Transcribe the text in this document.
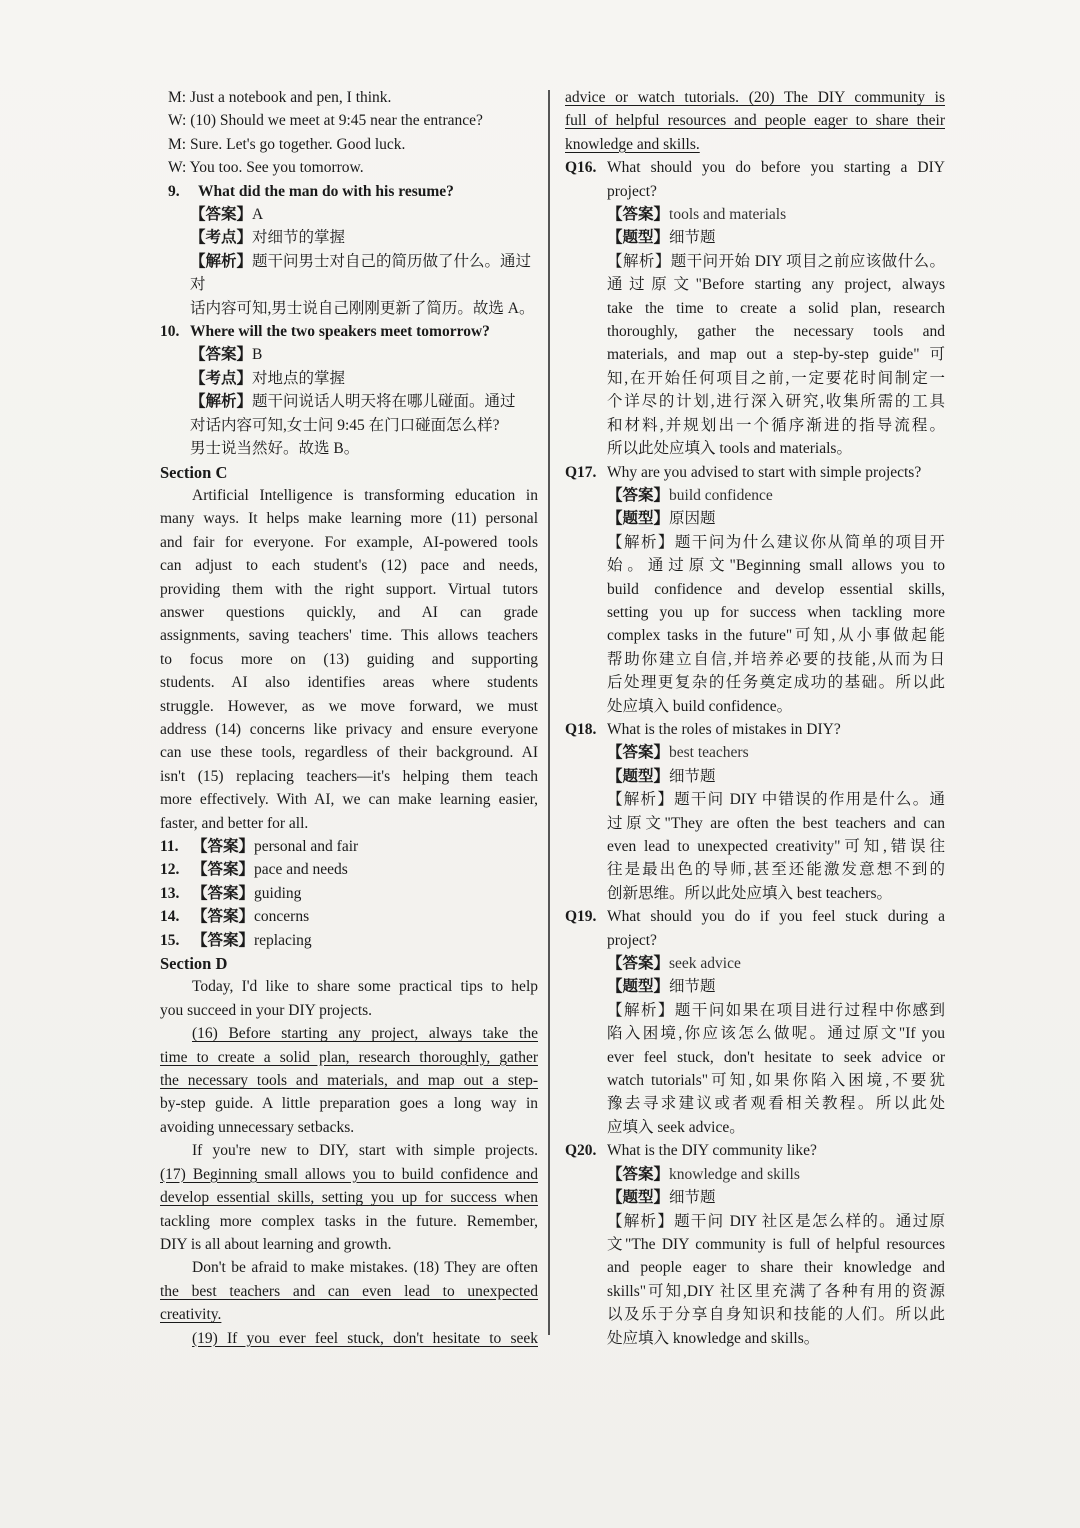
M: Just a notebook and pen, I think.

W: (10) Should we meet at 9:45 near the entrance?

M: Sure. Let's go together. Good luck.

W: You too. See you tomorrow.

9.	What did the man do with his resume?

【答案】A

【考点】对细节的掌握

【解析】题干问男士对自己的简历做了什么。通过对

话内容可知,男士说自己刚刚更新了简历。故选 A。

10. Where will the two speakers meet tomorrow?

【答案】B

【考点】对地点的掌握

【解析】题干问说话人明天将在哪儿碰面。通过

对话内容可知,女士问 9:45 在门口碰面怎么样?

男士说当然好。故选 B。

Section C

Artificial Intelligence is transforming education in

many ways. It helps make learning more (11) personal

and fair for everyone. For example, AI-powered tools

can adjust to each student's (12) pace and needs,

providing them with the right support. Virtual tutors

answer questions quickly, and AI can grade

assignments, saving teachers' time. This allows teachers

to focus more on (13) guiding and supporting

students. AI also identifies areas where students

struggle. However, as we move forward, we must

address (14) concerns like privacy and ensure everyone

can use these tools, regardless of their background. AI

isn't (15) replacing teachers—it's helping them teach

more effectively. With AI, we can make learning easier,

faster, and better for all.

11. 【答案】 personal and fair
12. 【答案】 pace and needs
13. 【答案】 guiding
14. 【答案】 concerns
15. 【答案】 replacing

Section D

Today, I'd like to share some practical tips to help

you succeed in your DIY projects.

(16) Before starting any project, always take the

time to create a solid plan, research thoroughly, gather

the necessary tools and materials, and map out a step-

by-step guide. A little preparation goes a long way in

avoiding unnecessary setbacks.

If you're new to DIY, start with simple projects.

(17) Beginning small allows you to build confidence and

develop essential skills, setting you up for success when

tackling more complex tasks in the future. Remember,

DIY is all about learning and growth.

Don't be afraid to make mistakes. (18) They are often

the best teachers and can even lead to unexpected

creativity.

(19) If you ever feel stuck, don't hesitate to seek

advice or watch tutorials. (20) The DIY community is

full of helpful resources and people eager to share their

knowledge and skills.

Q16. What should you do before you starting a DIY

project?

【答案】tools and materials

【题型】细节题

【解析】题干问开始 DIY 项目之前应该做什么。

通过原文"Before starting any project, always

take the time to create a solid plan, research

thoroughly, gather the necessary tools and

materials, and map out a step-by-step guide" 可

知,在开始任何项目之前,一定要花时间制定一

个详尽的计划,进行深入研究,收集所需的工具

和材料,并规划出一个循序渐进的指导流程。

所以此处应填入 tools and materials。

Q17. Why are you advised to start with simple projects?

【答案】build confidence

【题型】原因题

【解析】题干问为什么建议你从简单的项目开

始。通过原文"Beginning small allows you to

build confidence and develop essential skills,

setting you up for success when tackling more

complex tasks in the future"可知,从小事做起能

帮助你建立自信,并培养必要的技能,从而为日

后处理更复杂的任务奠定成功的基础。所以此

处应填入 build confidence。

Q18. What is the roles of mistakes in DIY?

【答案】best teachers

【题型】细节题

【解析】题干问 DIY 中错误的作用是什么。通

过原文"They are often the best teachers and can

even lead to unexpected creativity"可知,错误往

往是最出色的导师,甚至还能激发意想不到的

创新思维。所以此处应填入 best teachers。

Q19. What should you do if you feel stuck during a

project?

【答案】seek advice

【题型】细节题

【解析】题干问如果在项目进行过程中你感到

陷入困境,你应该怎么做呢。通过原文"If you

ever feel stuck, don't hesitate to seek advice or

watch tutorials"可知,如果你陷入困境,不要犹

豫去寻求建议或者观看相关教程。所以此处

应填入 seek advice。

Q20. What is the DIY community like?

【答案】knowledge and skills

【题型】细节题

【解析】题干问 DIY 社区是怎么样的。通过原

文"The DIY community is full of helpful resources

and people eager to share their knowledge and

skills"可知,DIY 社区里充满了各种有用的资源

以及乐于分享自身知识和技能的人们。所以此

处应填入 knowledge and skills。
